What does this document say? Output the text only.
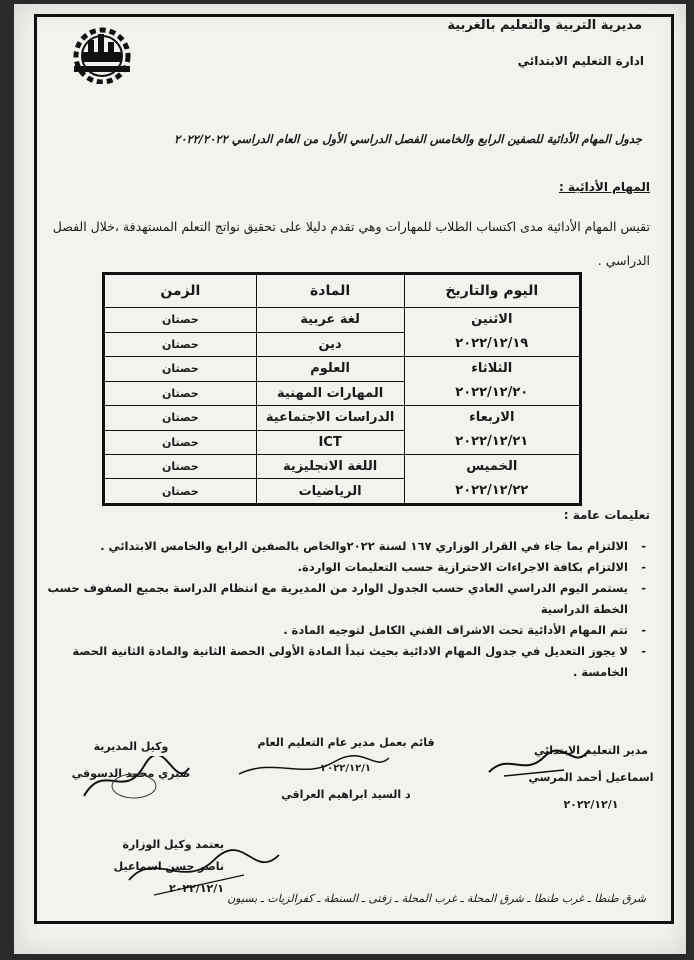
مديرية التربية والتعليم بالغربية
ادارة التعليم الابتدائي
جدول المهام الأدائية للصفين الرابع والخامس الفصل الدراسي الأول من العام الدراسي ٢٠٢٢/٢٠٢٢
المهام الأدائية :
تقيس المهام الأدائية مدى اكتساب الطلاب للمهارات وهي تقدم دليلا على تحقيق نواتج التعلم المستهدفة ،خلال الفصل الدراسي .
اليوم والتاريخ	المادة	الزمن

الاثنين
٢٠٢٢/١٢/١٩	لغة عربية	حصتان
	دين	حصتان

الثلاثاء
٢٠٢٢/١٢/٢٠	العلوم	حصتان
	المهارات المهنية	حصتان

الاربعاء
٢٠٢٢/١٢/٢١	الدراسات الاجتماعية	حصتان
	ICT	حصتان

الخميس
٢٠٢٢/١٢/٢٢	اللغة الانجليزية	حصتان
	الرياضيات	حصتان
تعليمات عامة :
- الالتزام بما جاء في القرار الوزاري ١٦٧ لسنة ٢٠٢٢والخاص بالصفين الرابع والخامس الابتدائي .
- الالتزام بكافة الاجراءات الاحترازية حسب التعليمات الواردة.
- يستمر اليوم الدراسي العادي حسب الجدول الوارد من المديرية مع انتظام الدراسة بجميع الصفوف حسب الخطة الدراسية
- تتم المهام الأدائية تحت الاشراف الفني الكامل لتوجيه المادة .
- لا يجوز التعديل في جدول المهام الادائية بحيث تبدأ المادة الأولى الحصة الثانية والمادة الثانية الحصة الخامسة .
مدير التعليم الابتدائي
اسماعيل أحمد المرسي
٢٠٢٢/١٢/١
قائم بعمل مدير عام التعليم العام
٢٠٢٢/١٢/١
د السيد ابراهيم العراقي
وكيل المديرية
صبري محمد الدسوقي
يعتمد وكيل الوزارة
ناصر حسن اسماعيل
٢٠٢٢/١٢/١
شرق طنطا ـ غرب طنطا ـ شرق المحلة ـ غرب المحلة ـ زفتى ـ السنطة ـ كفرالزيات ـ بسيون
